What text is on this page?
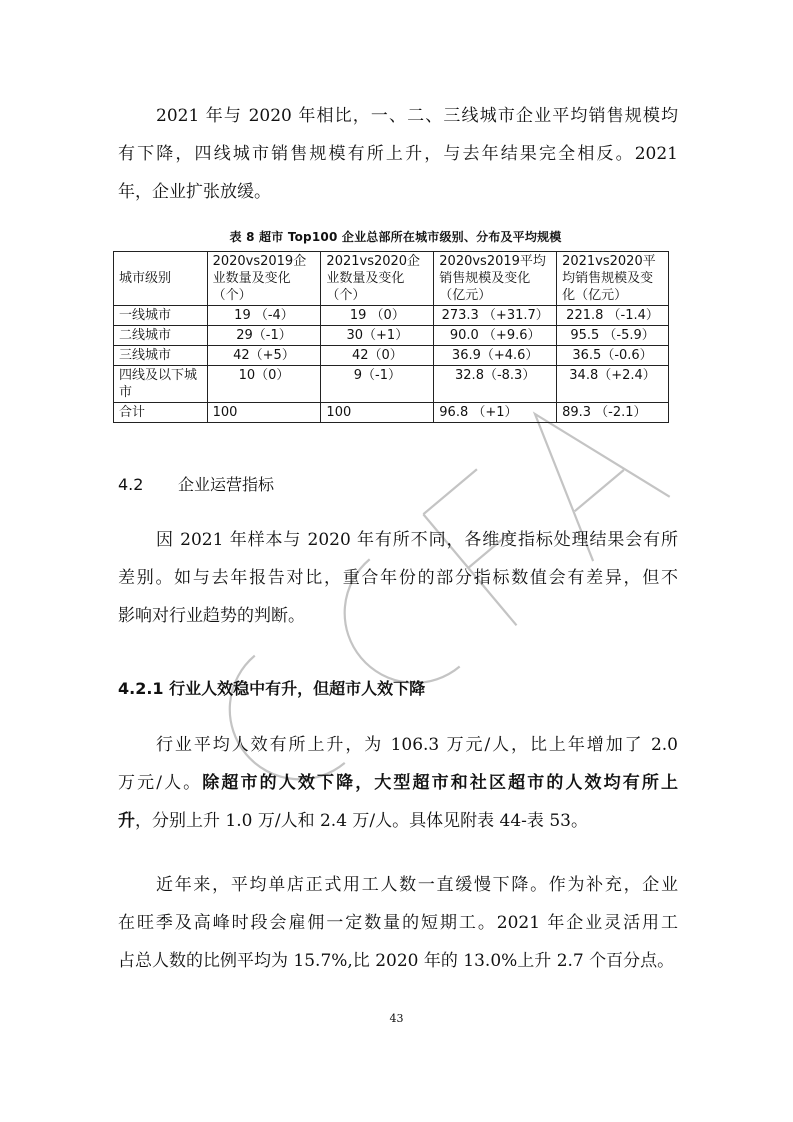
2021 年与 2020 年相比，一、二、三线城市企业平均销售规模均
有下降，四线城市销售规模有所上升，与去年结果完全相反。2021
年，企业扩张放缓。
表 8 超市 Top100 企业总部所在城市级别、分布及平均规模
城市级别	2020vs2019企业数量及变化（个）	2021vs2020企业数量及变化（个）	2020vs2019平均销售规模及变化（亿元）	2021vs2020平均销售规模及变化（亿元）
一线城市	19 （-4）	19 （0）	273.3 （+31.7）	221.8 （-1.4）
二线城市	29（-1）	30（+1）	90.0 （+9.6）	95.5 （-5.9）
三线城市	42（+5）	42（0）	36.9（+4.6）	36.5（-0.6）
四线及以下城市	10（0）	9（-1）	32.8（-8.3）	34.8（+2.4）
合计	100	100	96.8 （+1）	89.3 （-2.1）
4.2 企业运营指标
因 2021 年样本与 2020 年有所不同，各维度指标处理结果会有所
差别。如与去年报告对比，重合年份的部分指标数值会有差异，但不
影响对行业趋势的判断。
4.2.1 行业人效稳中有升，但超市人效下降
行业平均人效有所上升，为 106.3 万元/人，比上年增加了 2.0
万元/人。除超市的人效下降，大型超市和社区超市的人效均有所上
升，分别上升 1.0 万/人和 2.4 万/人。具体见附表 44-表 53。
近年来，平均单店正式用工人数一直缓慢下降。作为补充，企业
在旺季及高峰时段会雇佣一定数量的短期工。2021 年企业灵活用工
占总人数的比例平均为 15.7%,比 2020 年的 13.0%上升 2.7 个百分点。
43
